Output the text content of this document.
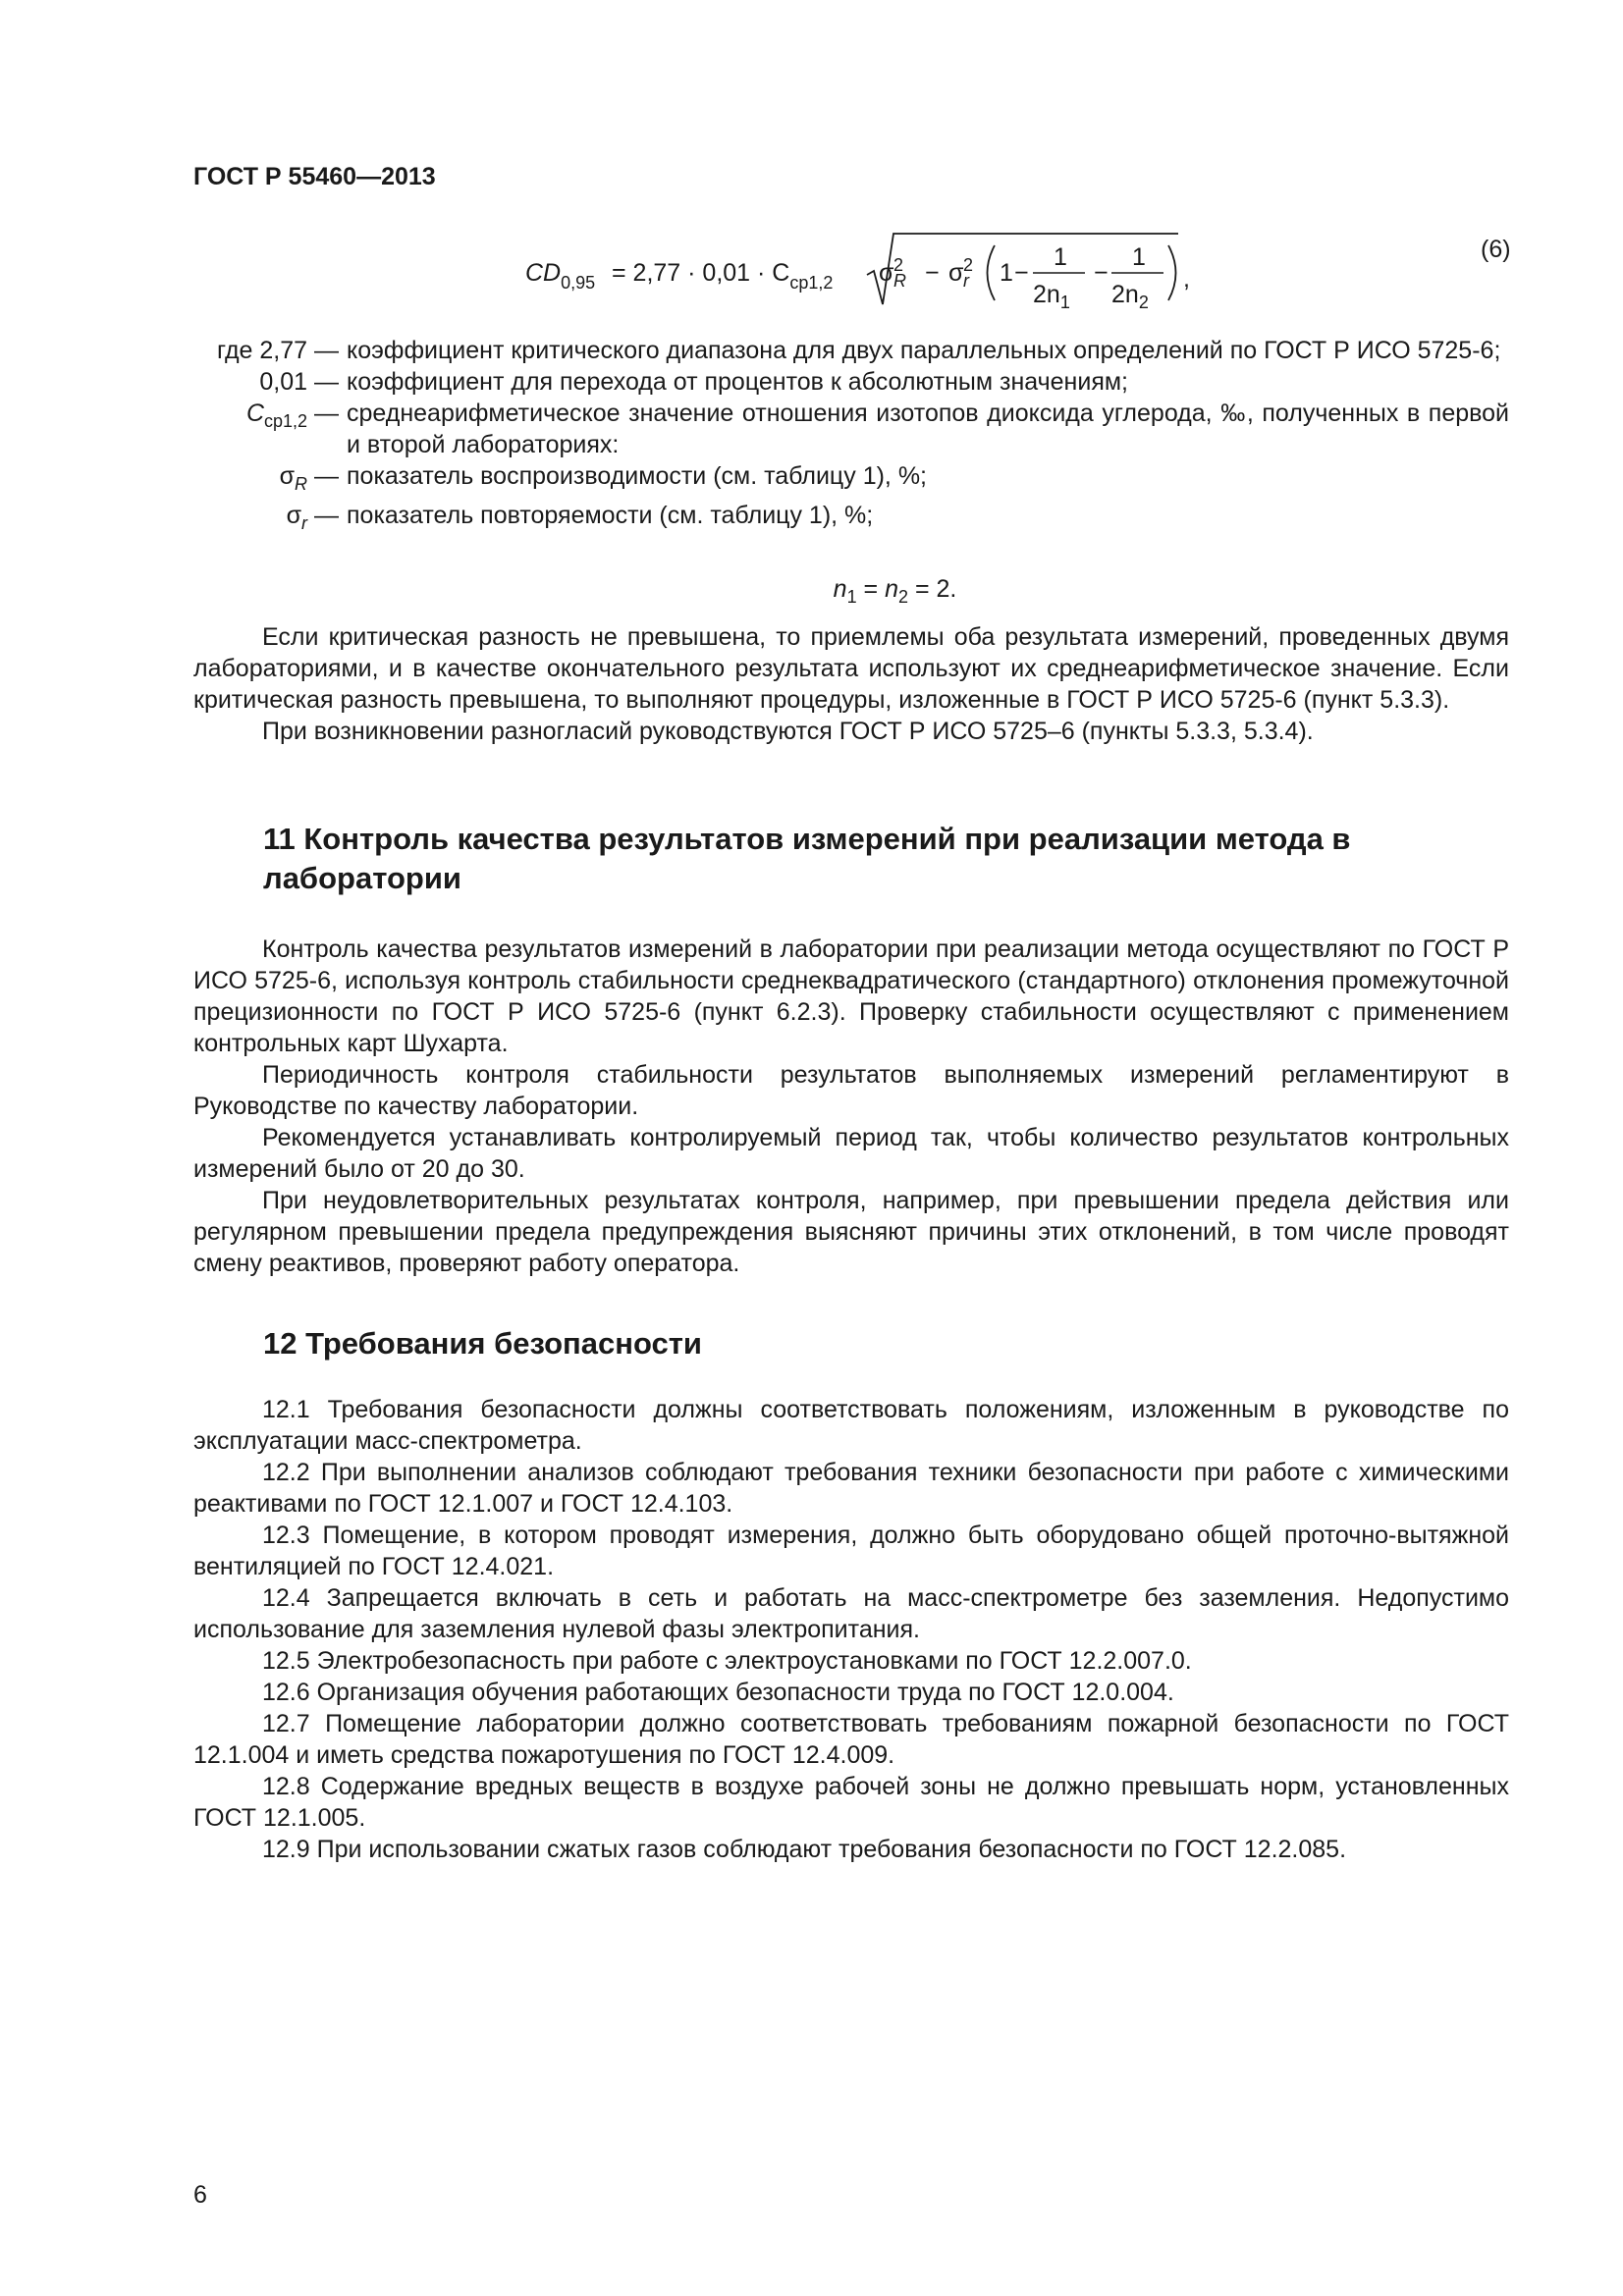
ГОСТ Р 55460—2013
$CD_{0,95} = 2,77 \cdot 0,01 \cdot C_{ср1,2}$ σ 2
R − σ 2
r 1 −
1
$2n_1$
−
1
$2n_2$
,
(6)
где 2,77 — коэффициент критического диапазона для двух параллельных определений по ГОСТ Р ИСО 5725-6;
0,01 — коэффициент для перехода от процентов к абсолютным значениям;
$C_{ср1,2}$ — среднеарифметическое значение отношения изотопов диоксида углерода, ‰, полученных в первой и второй лабораториях:
$\sigma_R$ — показатель воспроизводимости (см. таблицу 1), %;
$\sigma_r$ — показатель повторяемости (см. таблицу 1), %;
$n_1 = n_2 = 2$.

Если критическая разность не превышена, то приемлемы оба результата измерений, проведенных двумя лабораториями, и в качестве окончательного результата используют их среднеарифметическое значение. Если критическая разность превышена, то выполняют процедуры, изложенные в ГОСТ Р ИСО 5725-6 (пункт 5.3.3).

При возникновении разногласий руководствуются ГОСТ Р ИСО 5725–6 (пункты 5.3.3, 5.3.4).

11 Контроль качества результатов измерений при реализации метода в лаборатории

Контроль качества результатов измерений в лаборатории при реализации метода осуществляют по ГОСТ Р ИСО 5725-6, используя контроль стабильности среднеквадратического (стандартного) отклонения промежуточной прецизионности по ГОСТ Р ИСО 5725-6 (пункт 6.2.3). Проверку стабильности осуществляют с применением контрольных карт Шухарта.

Периодичность контроля стабильности результатов выполняемых измерений регламентируют в Руководстве по качеству лаборатории.

Рекомендуется устанавливать контролируемый период так, чтобы количество результатов контрольных измерений было от 20 до 30.

При неудовлетворительных результатах контроля, например, при превышении предела действия или регулярном превышении предела предупреждения выясняют причины этих отклонений, в том числе проводят смену реактивов, проверяют работу оператора.

12 Требования безопасности

12.1 Требования безопасности должны соответствовать положениям, изложенным в руководстве по эксплуатации масс-спектрометра.

12.2 При выполнении анализов соблюдают требования техники безопасности при работе с химическими реактивами по ГОСТ 12.1.007 и ГОСТ 12.4.103.

12.3 Помещение, в котором проводят измерения, должно быть оборудовано общей проточно-вытяжной вентиляцией по ГОСТ 12.4.021.

12.4 Запрещается включать в сеть и работать на масс-спектрометре без заземления. Недопустимо использование для заземления нулевой фазы электропитания.

12.5 Электробезопасность при работе с электроустановками по ГОСТ 12.2.007.0.

12.6 Организация обучения работающих безопасности труда по ГОСТ 12.0.004.

12.7 Помещение лаборатории должно соответствовать требованиям пожарной безопасности по ГОСТ 12.1.004 и иметь средства пожаротушения по ГОСТ 12.4.009.

12.8 Содержание вредных веществ в воздухе рабочей зоны не должно превышать норм, установленных ГОСТ 12.1.005.

12.9 При использовании сжатых газов соблюдают требования безопасности по ГОСТ 12.2.085.

6
